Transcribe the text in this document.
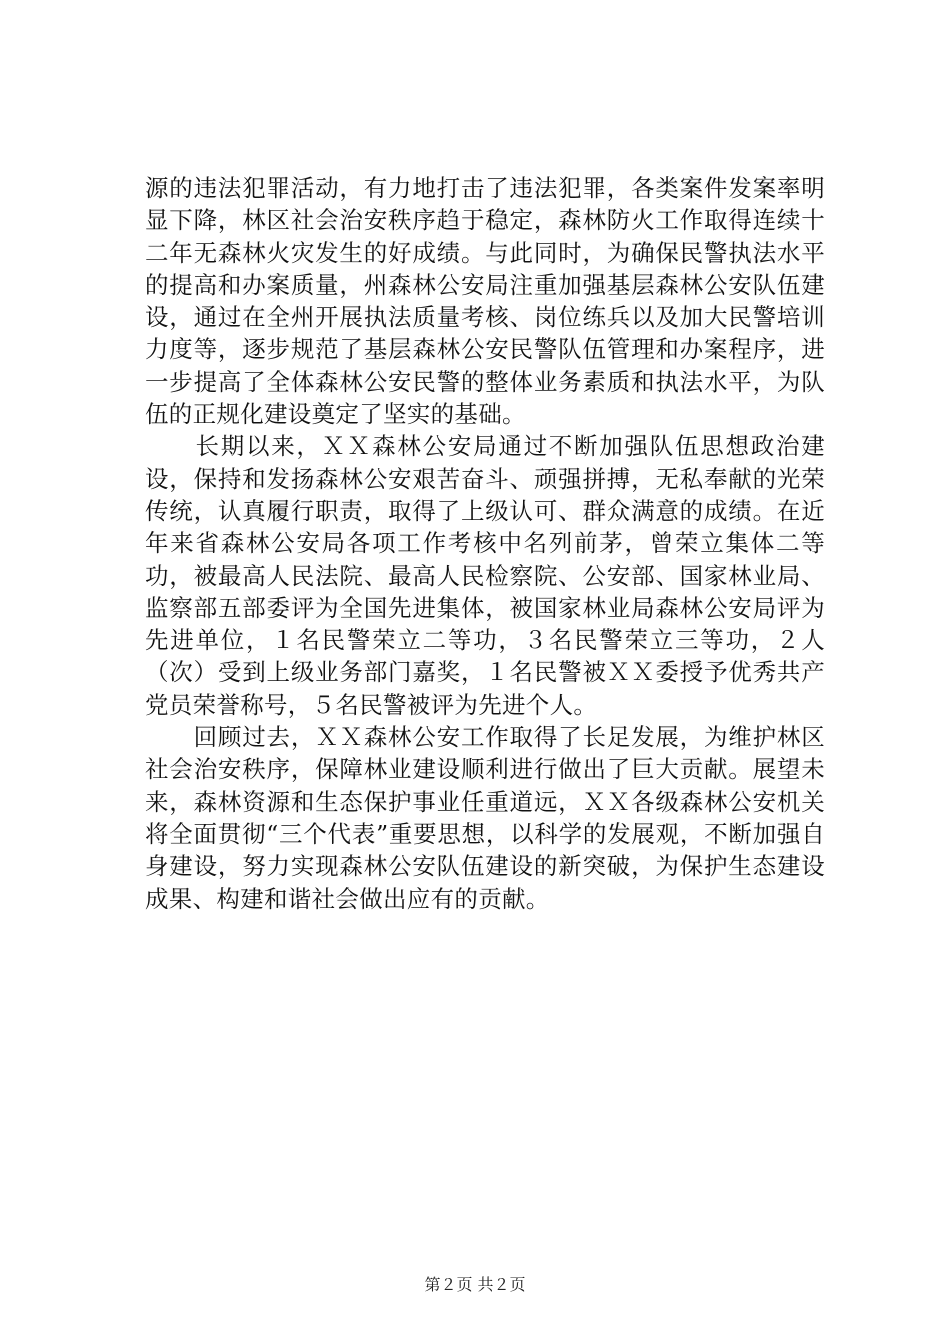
源的违法犯罪活动，有力地打击了违法犯罪，各类案件发案率明显下降，林区社会治安秩序趋于稳定，森林防火工作取得连续十二年无森林火灾发生的好成绩。与此同时，为确保民警执法水平的提高和办案质量，州森林公安局注重加强基层森林公安队伍建设，通过在全州开展执法质量考核、岗位练兵以及加大民警培训力度等，逐步规范了基层森林公安民警队伍管理和办案程序，进一步提高了全体森林公安民警的整体业务素质和执法水平，为队伍的正规化建设奠定了坚实的基础。

　　长期以来，ＸＸ森林公安局通过不断加强队伍思想政治建设，保持和发扬森林公安艰苦奋斗、顽强拼搏，无私奉献的光荣传统，认真履行职责，取得了上级认可、群众满意的成绩。在近年来省森林公安局各项工作考核中名列前茅，曾荣立集体二等功，被最高人民法院、最高人民检察院、公安部、国家林业局、监察部五部委评为全国先进集体，被国家林业局森林公安局评为先进单位，１名民警荣立二等功，３名民警荣立三等功，２人（次）受到上级业务部门嘉奖，１名民警被ＸＸ委授予优秀共产党员荣誉称号，５名民警被评为先进个人。

　　回顾过去，ＸＸ森林公安工作取得了长足发展，为维护林区社会治安秩序，保障林业建设顺利进行做出了巨大贡献。展望未来，森林资源和生态保护事业任重道远，ＸＸ各级森林公安机关将全面贯彻“三个代表”重要思想，以科学的发展观，不断加强自身建设，努力实现森林公安队伍建设的新突破，为保护生态建设成果、构建和谐社会做出应有的贡献。

第２页 共２页
